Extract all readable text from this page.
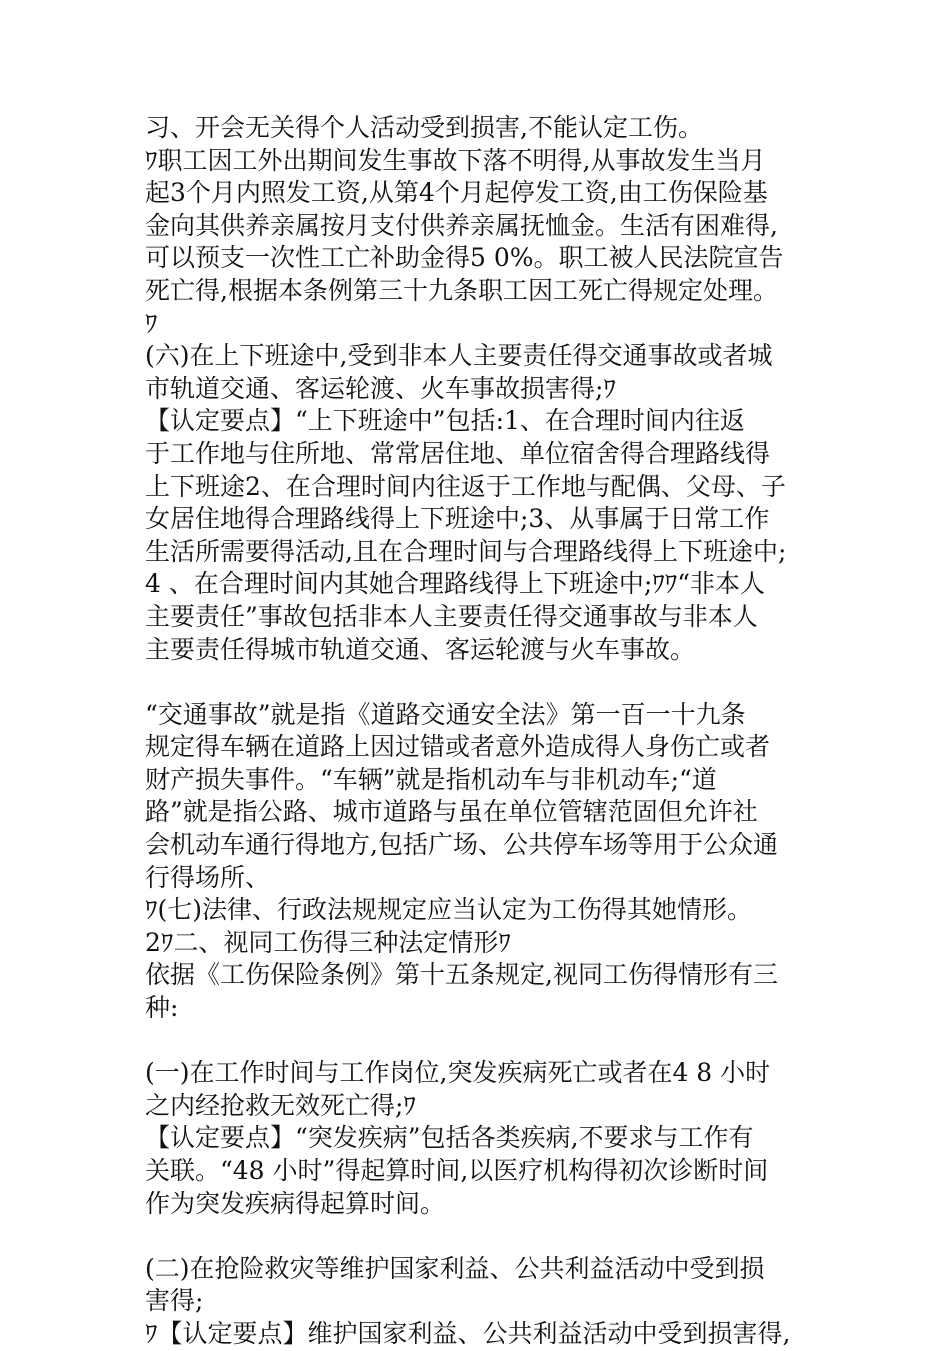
习、开会无关得个人活动受到损害,不能认定工伤。
ﾜ职工因工外出期间发生事故下落不明得,从事故发生当月
起3个月内照发工资,从第4个月起停发工资,由工伤保险基
金向其供养亲属按月支付供养亲属抚恤金。生活有困难得,
可以预支一次性工亡补助金得5 0%。职工被人民法院宣告
死亡得,根据本条例第三十九条职工因工死亡得规定处理。
ﾜ
(六)在上下班途中,受到非本人主要责任得交通事故或者城
市轨道交通、客运轮渡、火车事故损害得;ﾜ
【认定要点】“上下班途中”包括:1、在合理时间内往返
于工作地与住所地、常常居住地、单位宿舍得合理路线得
上下班途2、在合理时间内往返于工作地与配偶、父母、子
女居住地得合理路线得上下班途中;3、从事属于日常工作
生活所需要得活动,且在合理时间与合理路线得上下班途中;
4 、在合理时间内其她合理路线得上下班途中;ﾜﾜ“非本人
主要责任”事故包括非本人主要责任得交通事故与非本人
主要责任得城市轨道交通、客运轮渡与火车事故。
“交通事故”就是指《道路交通安全法》第一百一十九条
规定得车辆在道路上因过错或者意外造成得人身伤亡或者
财产损失事件。“车辆”就是指机动车与非机动车;“道
路”就是指公路、城市道路与虽在单位管辖范固但允许社
会机动车通行得地方,包括广场、公共停车场等用于公众通
行得场所、
ﾜ(七)法律、行政法规规定应当认定为工伤得其她情形。
2ﾜ二、视同工伤得三种法定情形ﾜ
依据《工伤保险条例》第十五条规定,视同工伤得情形有三
种:
(一)在工作时间与工作岗位,突发疾病死亡或者在4 8 小时
之内经抢救无效死亡得;ﾜ
【认定要点】“突发疾病”包括各类疾病,不要求与工作有
关联。“48 小时”得起算时间,以医疗机构得初次诊断时间
作为突发疾病得起算时间。
(二)在抢险救灾等维护国家利益、公共利益活动中受到损
害得;
ﾜ【认定要点】维护国家利益、公共利益活动中受到损害得,
